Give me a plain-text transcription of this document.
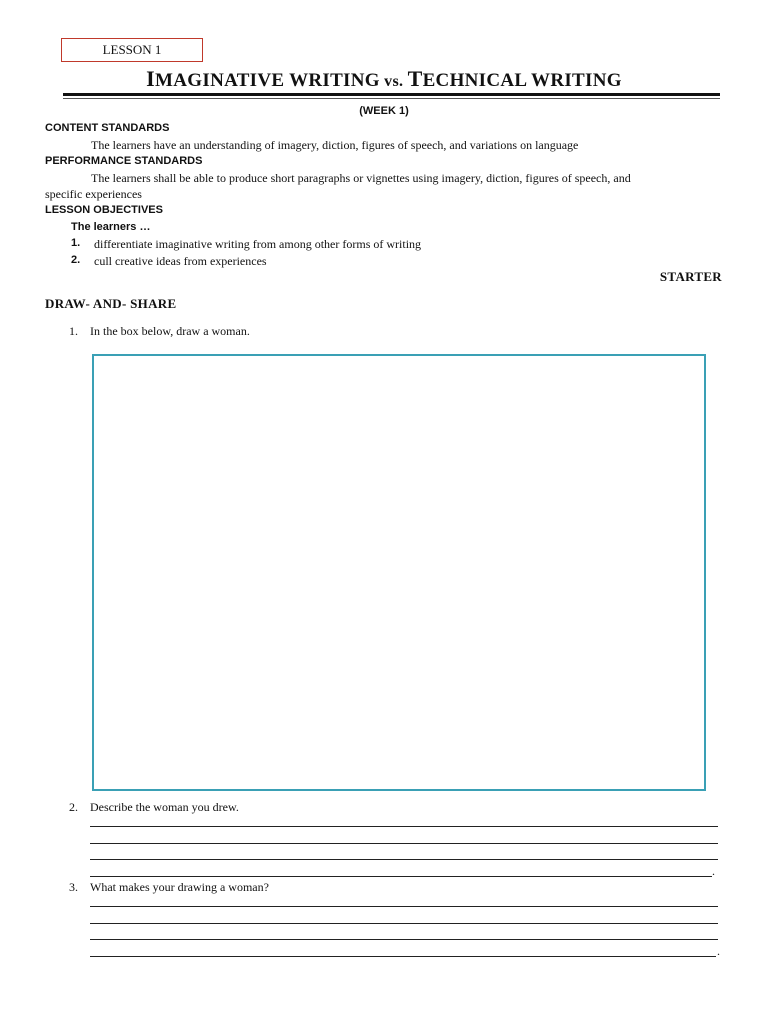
LESSON 1
IMAGINATIVE WRITING vs. TECHNICAL WRITING
(WEEK 1)
CONTENT STANDARDS
The learners have an understanding of imagery, diction, figures of speech, and variations on language
PERFORMANCE STANDARDS
The learners shall be able to produce short paragraphs or vignettes using imagery, diction, figures of speech, and
specific experiences
LESSON OBJECTIVES
The learners …
1. differentiate imaginative writing from among other forms of writing
2. cull creative ideas from experiences
STARTER
DRAW- AND- SHARE
1. In the box below, draw a woman.
2. Describe the woman you drew.
.
3. What makes your drawing a woman?
.
